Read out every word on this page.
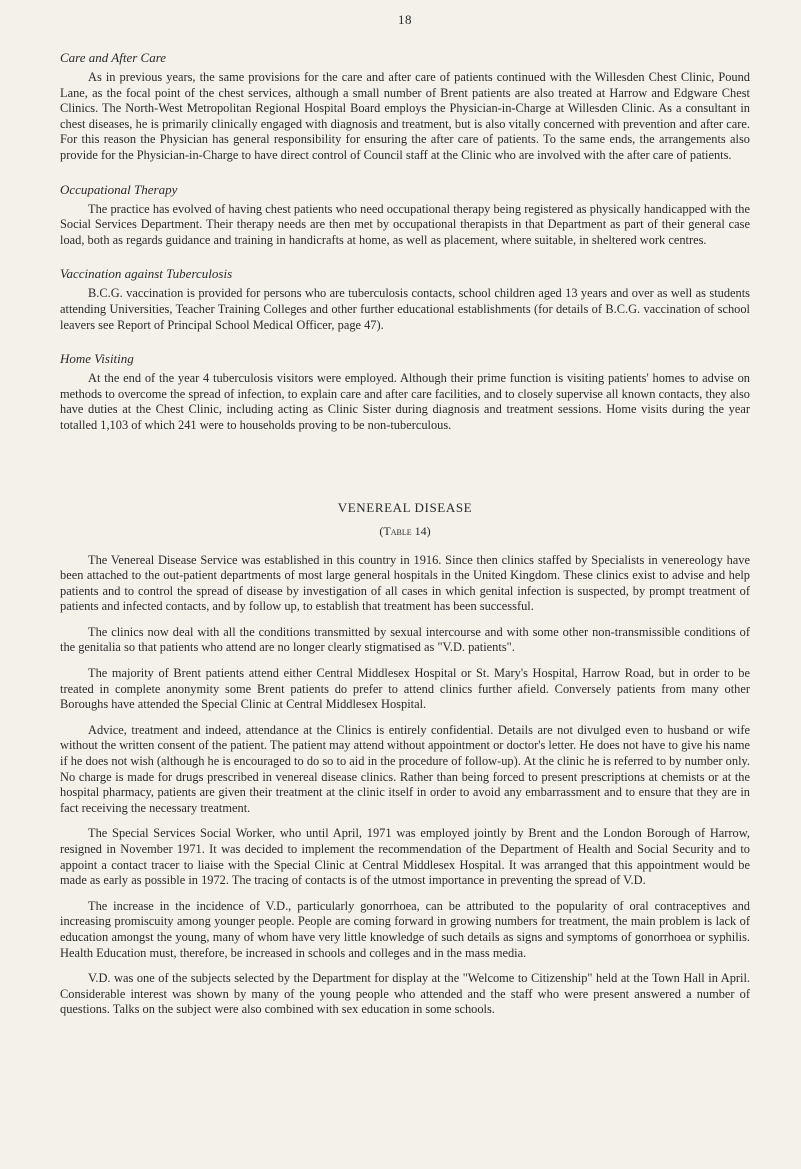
18
Care and After Care

As in previous years, the same provisions for the care and after care of patients continued with the Willesden Chest Clinic, Pound Lane, as the focal point of the chest services, although a small number of Brent patients are also treated at Harrow and Edgware Chest Clinics. The North-West Metropolitan Regional Hospital Board employs the Physician-in-Charge at Willesden Clinic. As a consultant in chest diseases, he is primarily clinically engaged with diagnosis and treatment, but is also vitally concerned with prevention and after care. For this reason the Physician has general responsibility for ensuring the after care of patients. To the same ends, the arrangements also provide for the Physician-in-Charge to have direct control of Council staff at the Clinic who are involved with the after care of patients.

Occupational Therapy

The practice has evolved of having chest patients who need occupational therapy being registered as physically handicapped with the Social Services Department. Their therapy needs are then met by occupational therapists in that Department as part of their general case load, both as regards guidance and training in handicrafts at home, as well as placement, where suitable, in sheltered work centres.

Vaccination against Tuberculosis

B.C.G. vaccination is provided for persons who are tuberculosis contacts, school children aged 13 years and over as well as students attending Universities, Teacher Training Colleges and other further educational establishments (for details of B.C.G. vaccination of school leavers see Report of Principal School Medical Officer, page 47).

Home Visiting

At the end of the year 4 tuberculosis visitors were employed. Although their prime function is visiting patients' homes to advise on methods to overcome the spread of infection, to explain care and after care facilities, and to closely supervise all known contacts, they also have duties at the Chest Clinic, including acting as Clinic Sister during diagnosis and treatment sessions. Home visits during the year totalled 1,103 of which 241 were to households proving to be non-tuberculous.

VENEREAL DISEASE
(Table 14)

The Venereal Disease Service was established in this country in 1916. Since then clinics staffed by Specialists in venereology have been attached to the out-patient departments of most large general hospitals in the United Kingdom. These clinics exist to advise and help patients and to control the spread of disease by investigation of all cases in which genital infection is suspected, by prompt treatment of patients and infected contacts, and by follow up, to establish that treatment has been successful.

The clinics now deal with all the conditions transmitted by sexual intercourse and with some other non-transmissible conditions of the genitalia so that patients who attend are no longer clearly stigmatised as "V.D. patients".

The majority of Brent patients attend either Central Middlesex Hospital or St. Mary's Hospital, Harrow Road, but in order to be treated in complete anonymity some Brent patients do prefer to attend clinics further afield. Conversely patients from many other Boroughs have attended the Special Clinic at Central Middlesex Hospital.

Advice, treatment and indeed, attendance at the Clinics is entirely confidential. Details are not divulged even to husband or wife without the written consent of the patient. The patient may attend without appointment or doctor's letter. He does not have to give his name if he does not wish (although he is encouraged to do so to aid in the procedure of follow-up). At the clinic he is referred to by number only. No charge is made for drugs prescribed in venereal disease clinics. Rather than being forced to present prescriptions at chemists or at the hospital pharmacy, patients are given their treatment at the clinic itself in order to avoid any embarrassment and to ensure that they are in fact receiving the necessary treatment.

The Special Services Social Worker, who until April, 1971 was employed jointly by Brent and the London Borough of Harrow, resigned in November 1971. It was decided to implement the recommendation of the Department of Health and Social Security and to appoint a contact tracer to liaise with the Special Clinic at Central Middlesex Hospital. It was arranged that this appointment would be made as early as possible in 1972. The tracing of contacts is of the utmost importance in preventing the spread of V.D.

The increase in the incidence of V.D., particularly gonorrhoea, can be attributed to the popularity of oral contraceptives and increasing promiscuity among younger people. People are coming forward in growing numbers for treatment, the main problem is lack of education amongst the young, many of whom have very little knowledge of such details as signs and symptoms of gonorrhoea or syphilis. Health Education must, therefore, be increased in schools and colleges and in the mass media.

V.D. was one of the subjects selected by the Department for display at the "Welcome to Citizenship" held at the Town Hall in April. Considerable interest was shown by many of the young people who attended and the staff who were present answered a number of questions. Talks on the subject were also combined with sex education in some schools.
